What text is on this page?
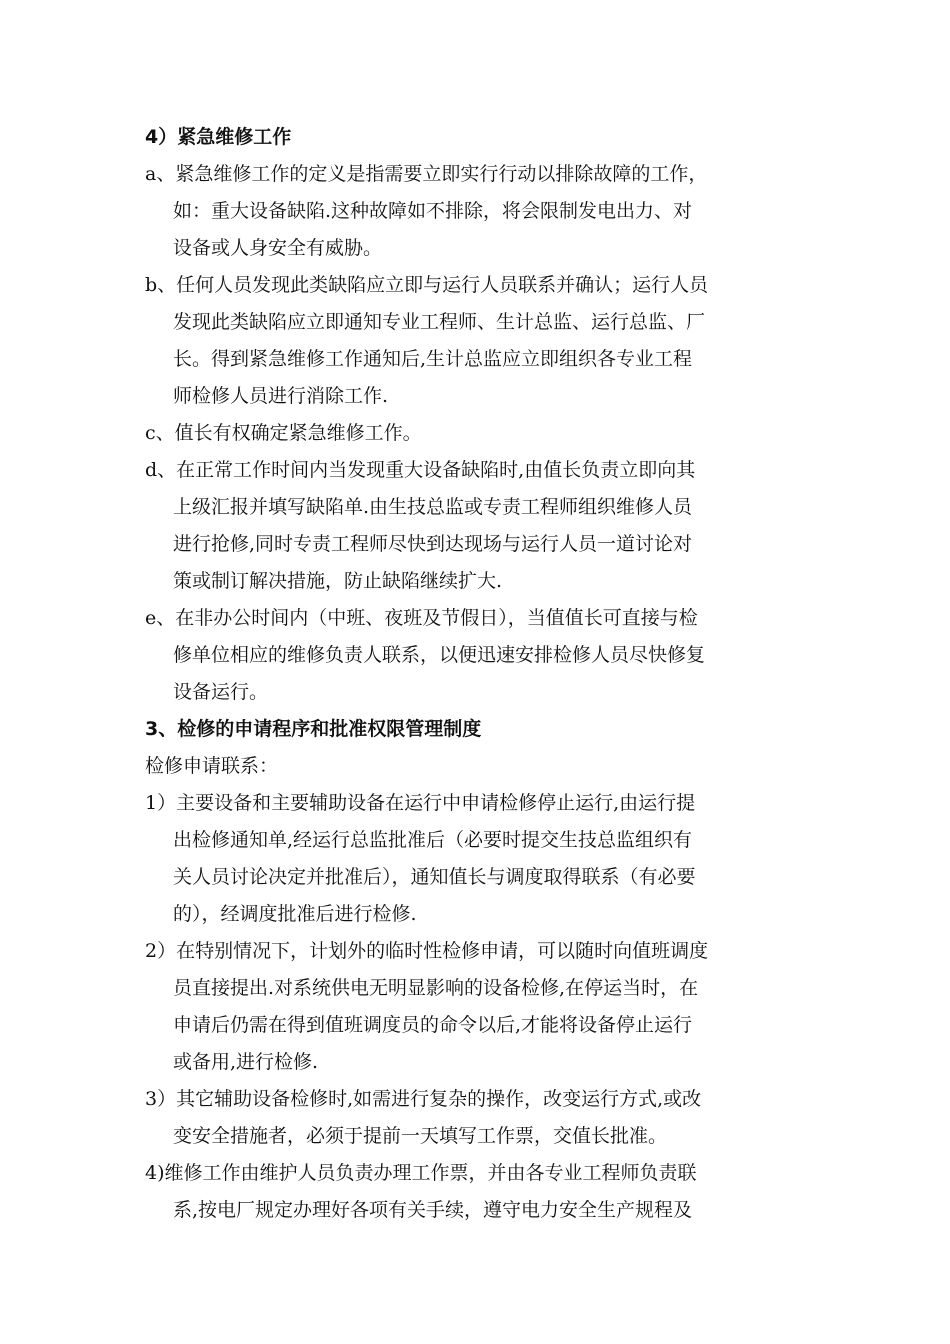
4）紧急维修工作
a、紧急维修工作的定义是指需要立即实行行动以排除故障的工作，
如：重大设备缺陷.这种故障如不排除，将会限制发电出力、对
设备或人身安全有威胁。
b、任何人员发现此类缺陷应立即与运行人员联系并确认；运行人员
发现此类缺陷应立即通知专业工程师、生计总监、运行总监、厂
长。得到紧急维修工作通知后,生计总监应立即组织各专业工程
师检修人员进行消除工作.
c、值长有权确定紧急维修工作。
d、在正常工作时间内当发现重大设备缺陷时,由值长负责立即向其
上级汇报并填写缺陷单.由生技总监或专责工程师组织维修人员
进行抢修,同时专责工程师尽快到达现场与运行人员一道讨论对
策或制订解决措施，防止缺陷继续扩大.
e、在非办公时间内（中班、夜班及节假日），当值值长可直接与检
修单位相应的维修负责人联系，以便迅速安排检修人员尽快修复
设备运行。
3、检修的申请程序和批准权限管理制度
检修申请联系：
1）主要设备和主要辅助设备在运行中申请检修停止运行,由运行提
出检修通知单,经运行总监批准后（必要时提交生技总监组织有
关人员讨论决定并批准后），通知值长与调度取得联系（有必要
的），经调度批准后进行检修.
2）在特别情况下，计划外的临时性检修申请，可以随时向值班调度
员直接提出.对系统供电无明显影响的设备检修,在停运当时，在
申请后仍需在得到值班调度员的命令以后,才能将设备停止运行
或备用,进行检修.
3）其它辅助设备检修时,如需进行复杂的操作，改变运行方式,或改
变安全措施者，必须于提前一天填写工作票，交值长批准。
4)维修工作由维护人员负责办理工作票，并由各专业工程师负责联
系,按电厂规定办理好各项有关手续，遵守电力安全生产规程及
